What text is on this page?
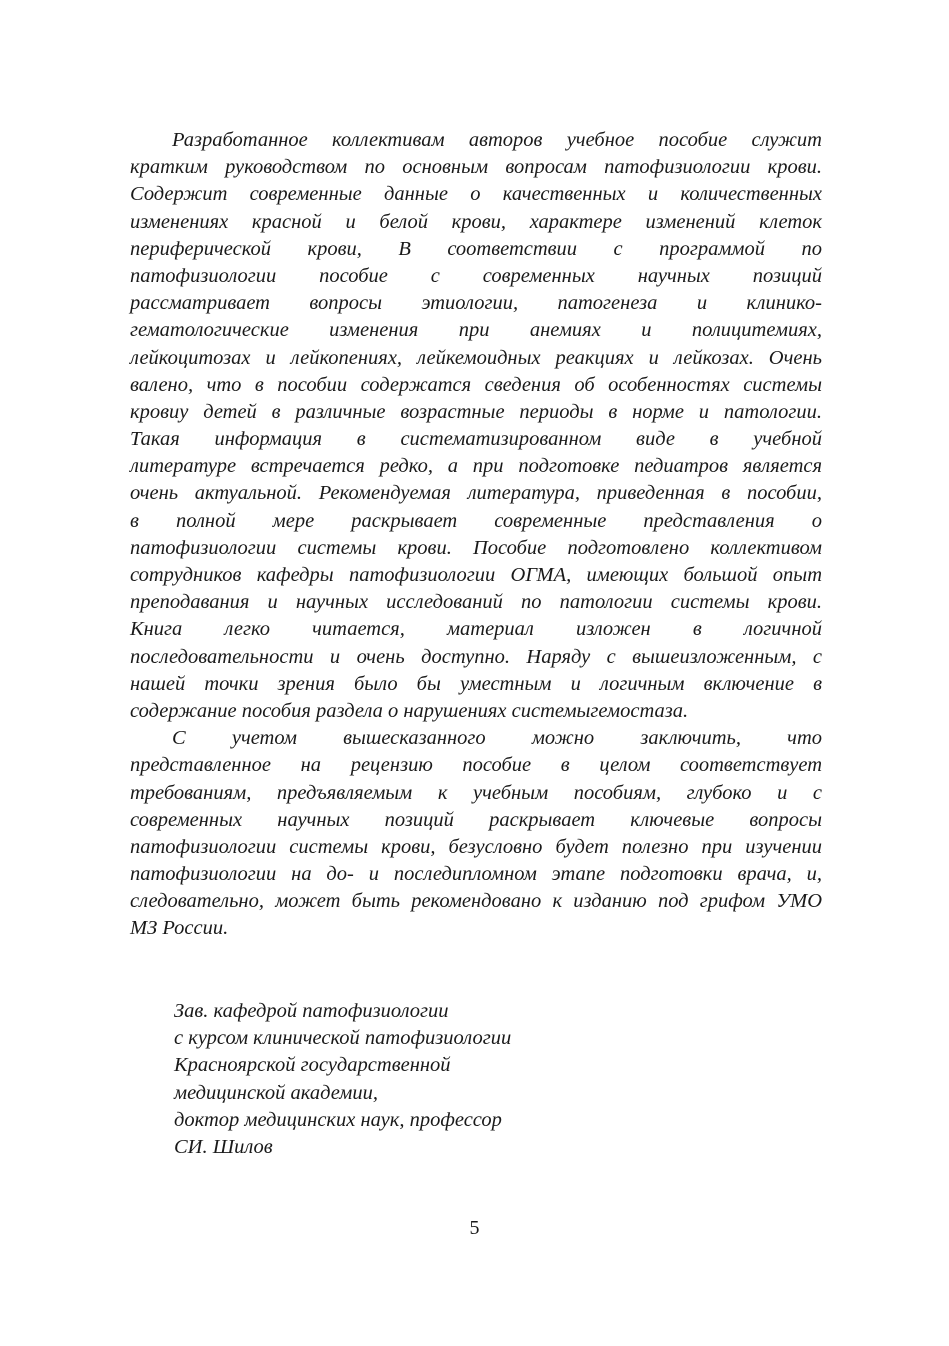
Разработанное коллективам авторов учебное пособие служит
кратким руководством по основным вопросам патофизиологии крови.
Содержит современные данные о качественных и количественных
изменениях красной и белой крови, характере изменений клеток
периферической крови, В соответствии с программой по
патофизиологии пособие с современных научных позиций
рассматривает вопросы этиологии, патогенеза и клинико-
гематологические изменения при анемиях и полицитемиях,
лейкоцитозах и лейкопениях, лейкемоидных реакциях и лейкозах. Очень
валено, что в пособии содержатся сведения об особенностях системы
кровиу детей в различные возрастные периоды в норме и патологии.
Такая информация в систематизированном виде в учебной
литературе встречается редко, а при подготовке педиатров является
очень актуальной. Рекомендуемая литература, приведенная в пособии,
в полной мере раскрывает современные представления о
патофизиологии системы крови. Пособие подготовлено коллективом
сотрудников кафедры патофизиологии ОГМА, имеющих большой опыт
преподавания и научных исследований по патологии системы крови.
Книга легко читается, материал изложен в логичной
последовательности и очень доступно. Наряду с вышеизложенным, с
нашей точки зрения было бы уместным и логичным включение в
содержание пособия раздела о нарушениях системыгемостаза.
С учетом вышесказанного можно заключить, что
представленное на рецензию пособие в целом соответствует
требованиям, предъявляемым к учебным пособиям, глубоко и с
современных научных позиций раскрывает ключевые вопросы
патофизиологии системы крови, безусловно будет полезно при изучении
патофизиологии на до- и последипломном этапе подготовки врача, и,
следовательно, может быть рекомендовано к изданию под грифом УМО
МЗ России.
Зав. кафедрой патофизиологии
с курсом клинической патофизиологии
Красноярской государственной
медицинской академии,
доктор медицинских наук, профессор
СИ. Шилов
5
